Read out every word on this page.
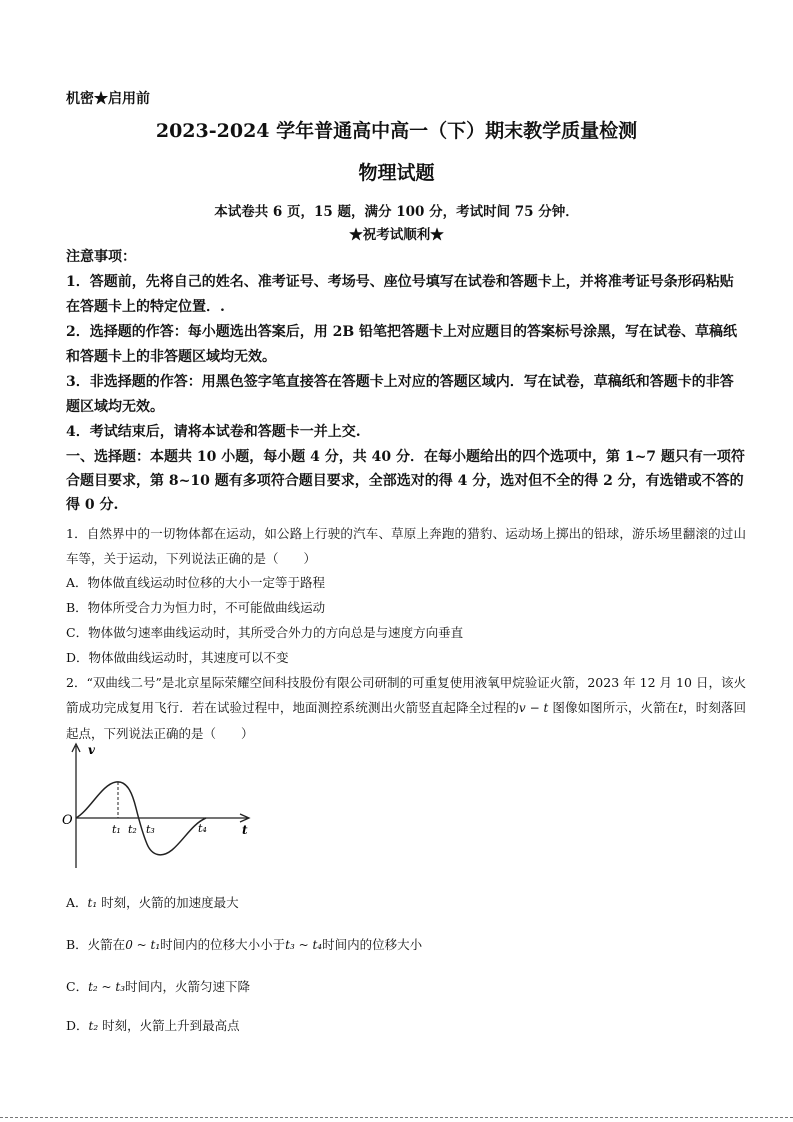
机密★启用前
2023-2024 学年普通高中高一（下）期末教学质量检测
物理试题
本试卷共 6 页，15 题，满分 100 分，考试时间 75 分钟．
★祝考试顺利★
注意事项：
1．答题前，先将自己的姓名、准考证号、考场号、座位号填写在试卷和答题卡上，并将准考证号条形码粘贴在答题卡上的特定位置．.
2．选择题的作答：每小题选出答案后，用 2B 铅笔把答题卡上对应题目的答案标号涂黑，写在试卷、草稿纸和答题卡上的非答题区域均无效。
3．非选择题的作答：用黑色签字笔直接答在答题卡上对应的答题区域内．写在试卷，草稿纸和答题卡的非答题区域均无效。
4．考试结束后，请将本试卷和答题卡一并上交.
一、选择题：本题共 10 小题，每小题 4 分，共 40 分．在每小题给出的四个选项中，第 1~7 题只有一项符合题目要求，第 8~10 题有多项符合题目要求，全部选对的得 4 分，选对但不全的得 2 分，有选错或不答的得 0 分.
1．自然界中的一切物体都在运动，如公路上行驶的汽车、草原上奔跑的猎豹、运动场上掷出的铅球，游乐场里翻滚的过山车等，关于运动，下列说法正确的是（　　）
A．物体做直线运动时位移的大小一定等于路程
B．物体所受合力为恒力时，不可能做曲线运动
C．物体做匀速率曲线运动时，其所受合外力的方向总是与速度方向垂直
D．物体做曲线运动时，其速度可以不变
2．“双曲线二号”是北京星际荣耀空间科技股份有限公司研制的可重复使用液氧甲烷验证火箭，2023 年 12 月 10 日，该火箭成功完成复用飞行．若在试验过程中，地面测控系统测出火箭竖直起降全过程的v − t 图像如图所示，火箭在t，时刻落回起点，下列说法正确的是（　　）
v
t
O
t₁ t₂ t₃	t₄
A．t₁ 时刻，火箭的加速度最大
B．火箭在0 ~ t₁时间内的位移大小小于t₃ ~ t₄时间内的位移大小
C．t₂ ~ t₃时间内，火箭匀速下降
D．t₂ 时刻，火箭上升到最高点
